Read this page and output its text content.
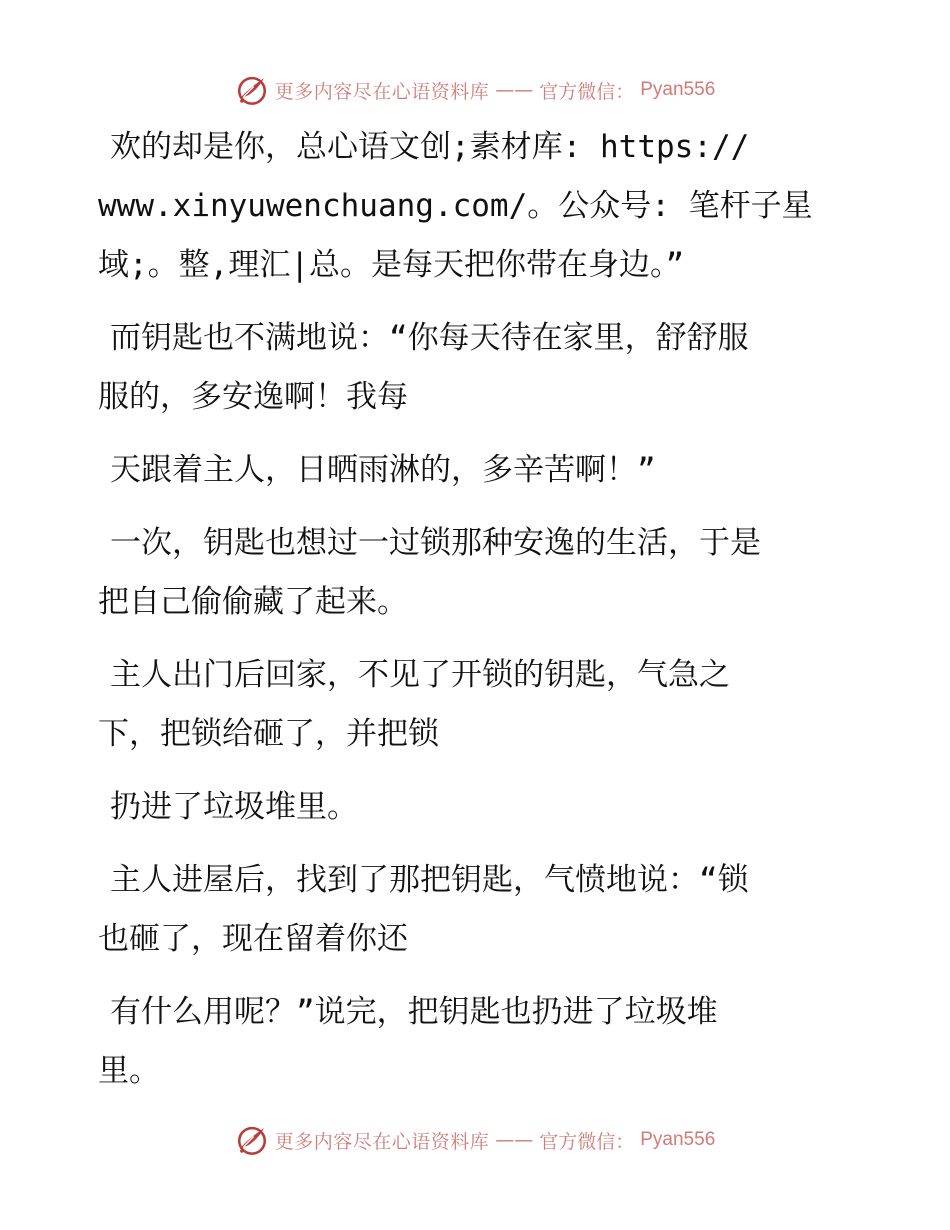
更多内容尽在心语资料库 —— 官方微信： Pyan556

欢的却是你，总心语文创;素材库: https://
www.xinyuwenchuang.com/。公众号: 笔杆子星
域;。整,理汇|总。是每天把你带在身边。”

而钥匙也不满地说：“你每天待在家里，舒舒服
服的，多安逸啊！我每

天跟着主人，日晒雨淋的，多辛苦啊！”

一次，钥匙也想过一过锁那种安逸的生活，于是
把自己偷偷藏了起来。

主人出门后回家，不见了开锁的钥匙，气急之
下，把锁给砸了，并把锁

扔进了垃圾堆里。

主人进屋后，找到了那把钥匙，气愤地说：“锁
也砸了，现在留着你还

有什么用呢？”说完，把钥匙也扔进了垃圾堆
里。

更多内容尽在心语资料库 —— 官方微信： Pyan556
